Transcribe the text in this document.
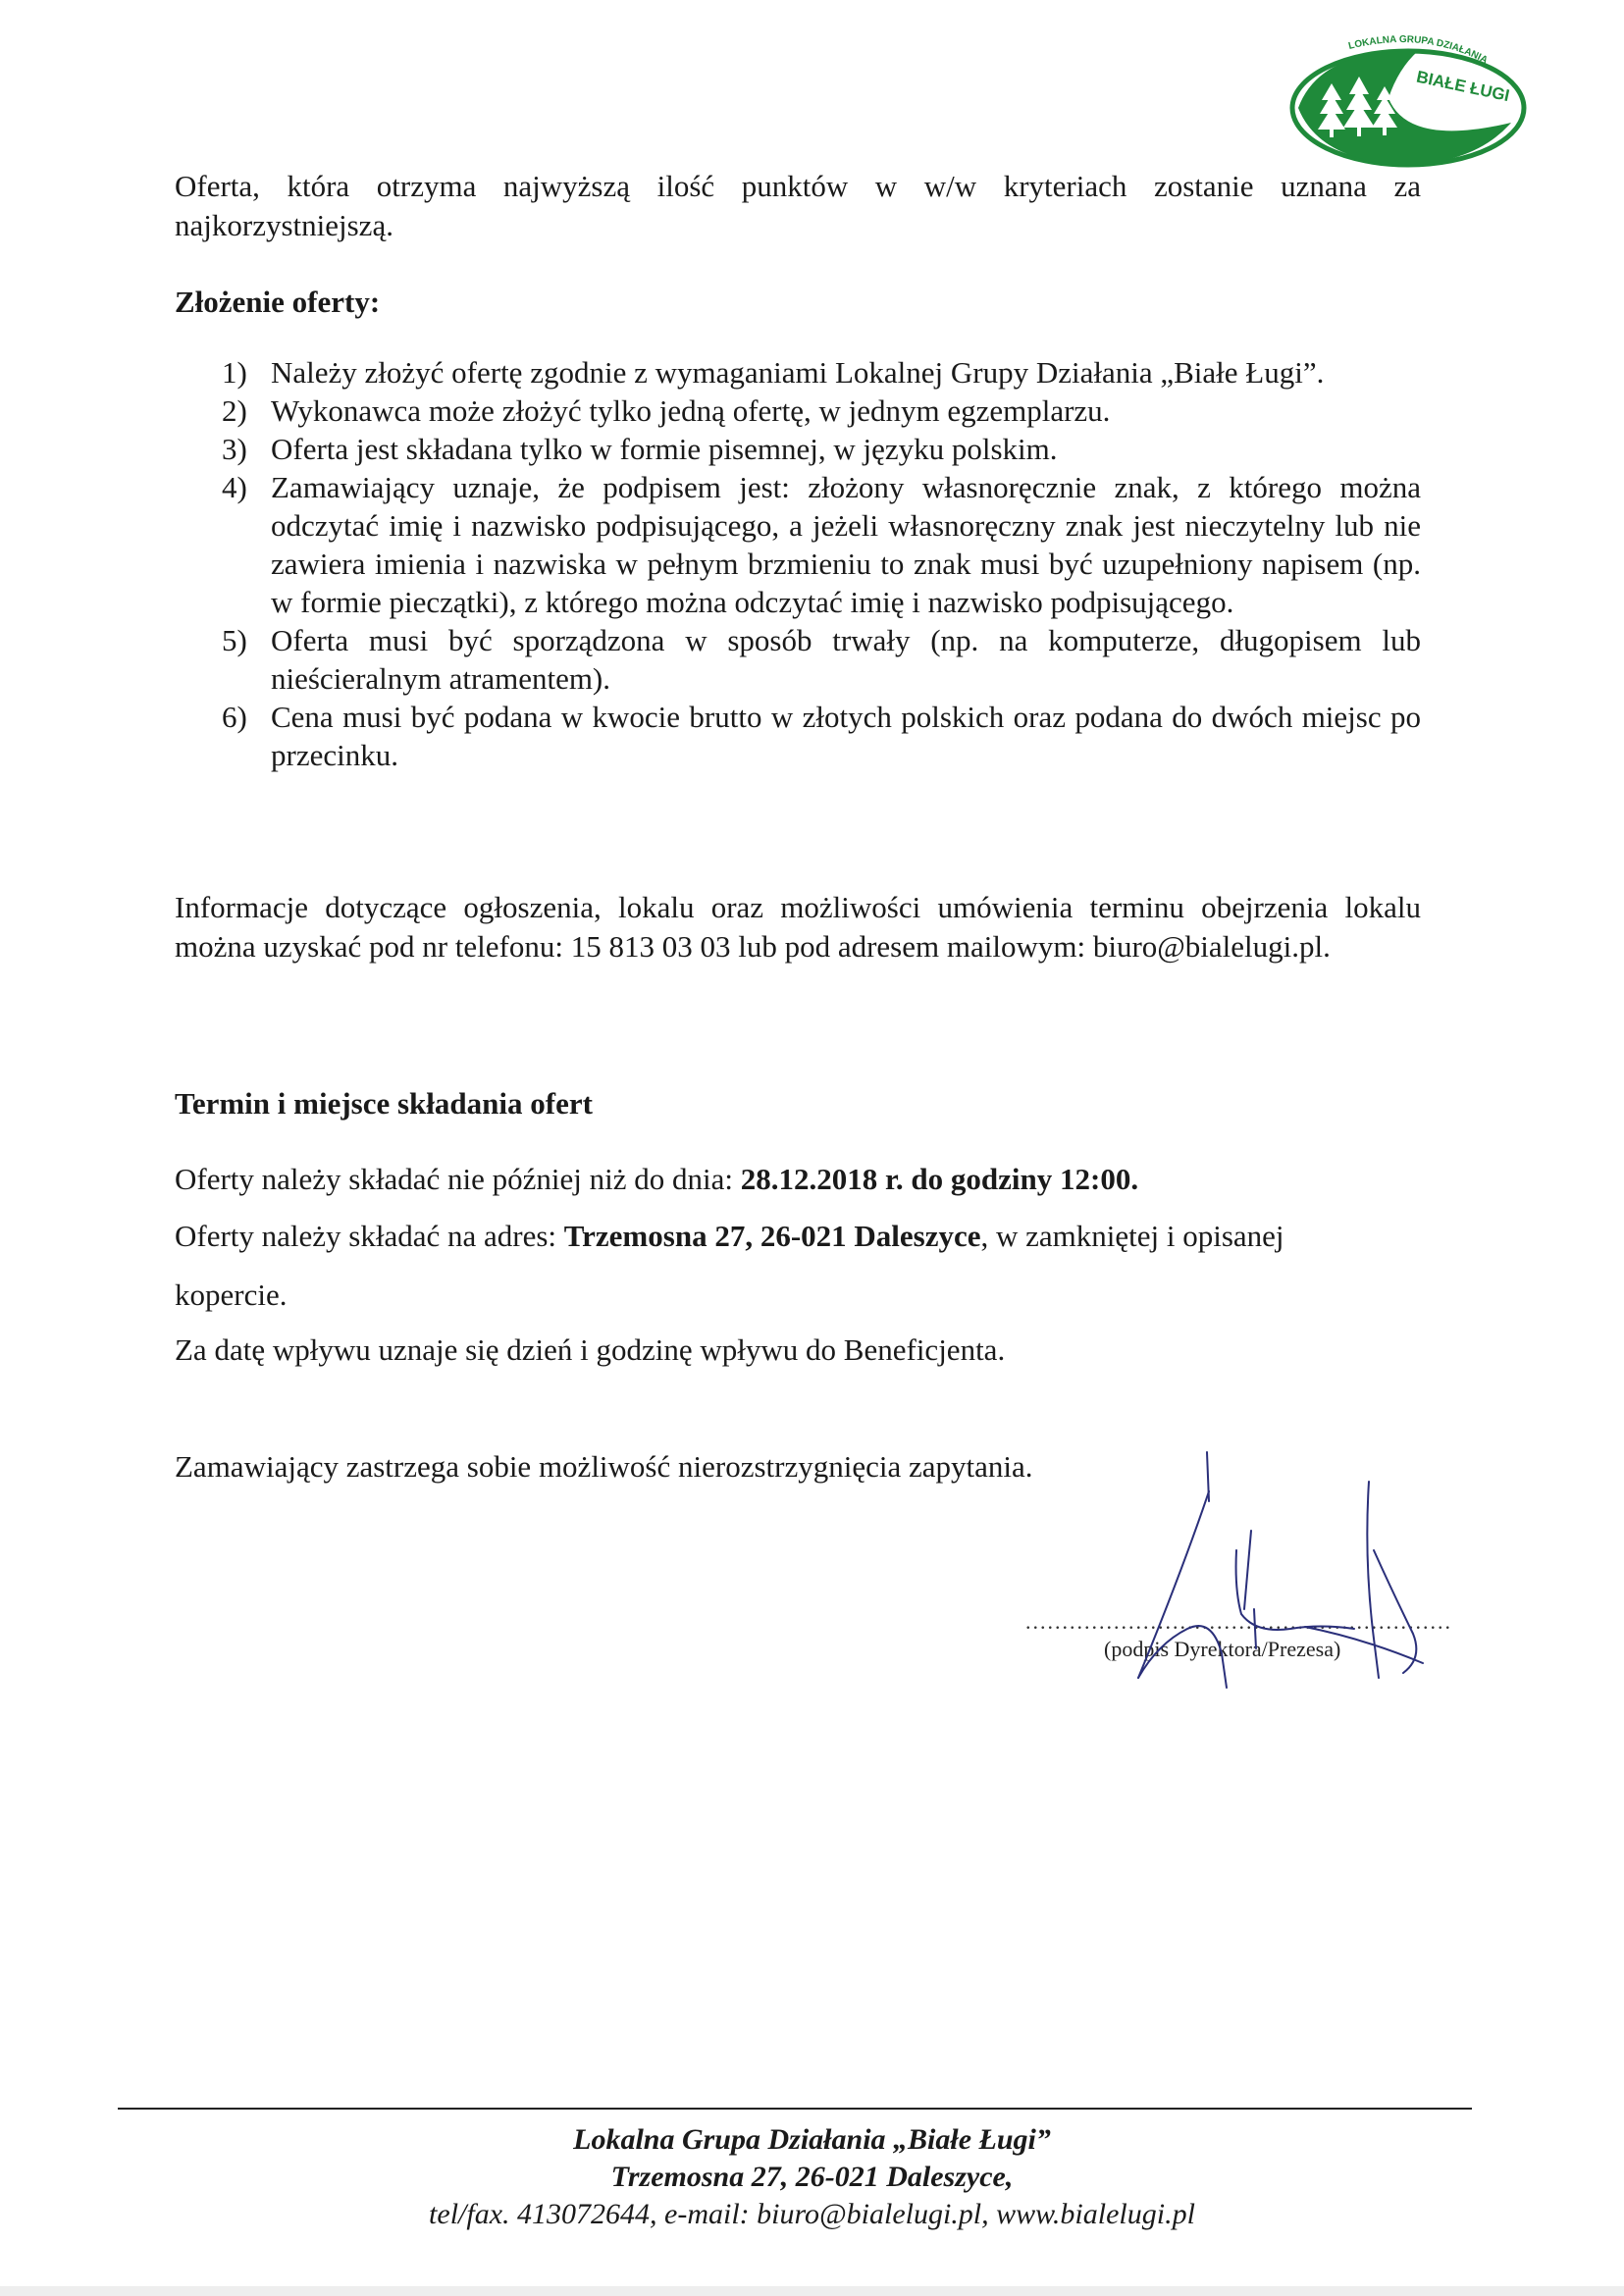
LOKALNA GRUPA DZIAŁANIA
BIAŁE ŁUGI
Oferta, która otrzyma najwyższą ilość punktów w w/w kryteriach zostanie uznana za najkorzystniejszą.
Złożenie oferty:
1) Należy złożyć ofertę zgodnie z wymaganiami Lokalnej Grupy Działania „Białe Ługi”.
2) Wykonawca może złożyć tylko jedną ofertę, w jednym egzemplarzu.
3) Oferta jest składana tylko w formie pisemnej, w języku polskim.
4) Zamawiający uznaje, że podpisem jest: złożony własnoręcznie znak, z którego można odczytać imię i nazwisko podpisującego, a jeżeli własnoręczny znak jest nieczytelny lub nie zawiera imienia i nazwiska w pełnym brzmieniu to znak musi być uzupełniony napisem (np. w formie pieczątki), z którego można odczytać imię i nazwisko podpisującego.
5) Oferta musi być sporządzona w sposób trwały (np. na komputerze, długopisem lub nieścieralnym atramentem).
6) Cena musi być podana w kwocie brutto w złotych polskich oraz podana do dwóch miejsc po przecinku.
Informacje dotyczące ogłoszenia, lokalu oraz możliwości umówienia terminu obejrzenia lokalu można uzyskać pod nr telefonu: 15 813 03 03 lub pod adresem mailowym: biuro@bialelugi.pl.
Termin i miejsce składania ofert
Oferty należy składać nie później niż do dnia: 28.12.2018 r. do godziny 12:00.
Oferty należy składać na adres: Trzemosna 27, 26-021 Daleszyce, w zamkniętej i opisanej
kopercie.
Za datę wpływu uznaje się dzień i godzinę wpływu do Beneficjenta.
Zamawiający zastrzega sobie możliwość nierozstrzygnięcia zapytania.
..........................................................
(podpis Dyrektora/Prezesa)
Lokalna Grupa Działania „Białe Ługi”
Trzemosna 27, 26-021 Daleszyce,
tel/fax. 413072644, e-mail: biuro@bialelugi.pl, www.bialelugi.pl
